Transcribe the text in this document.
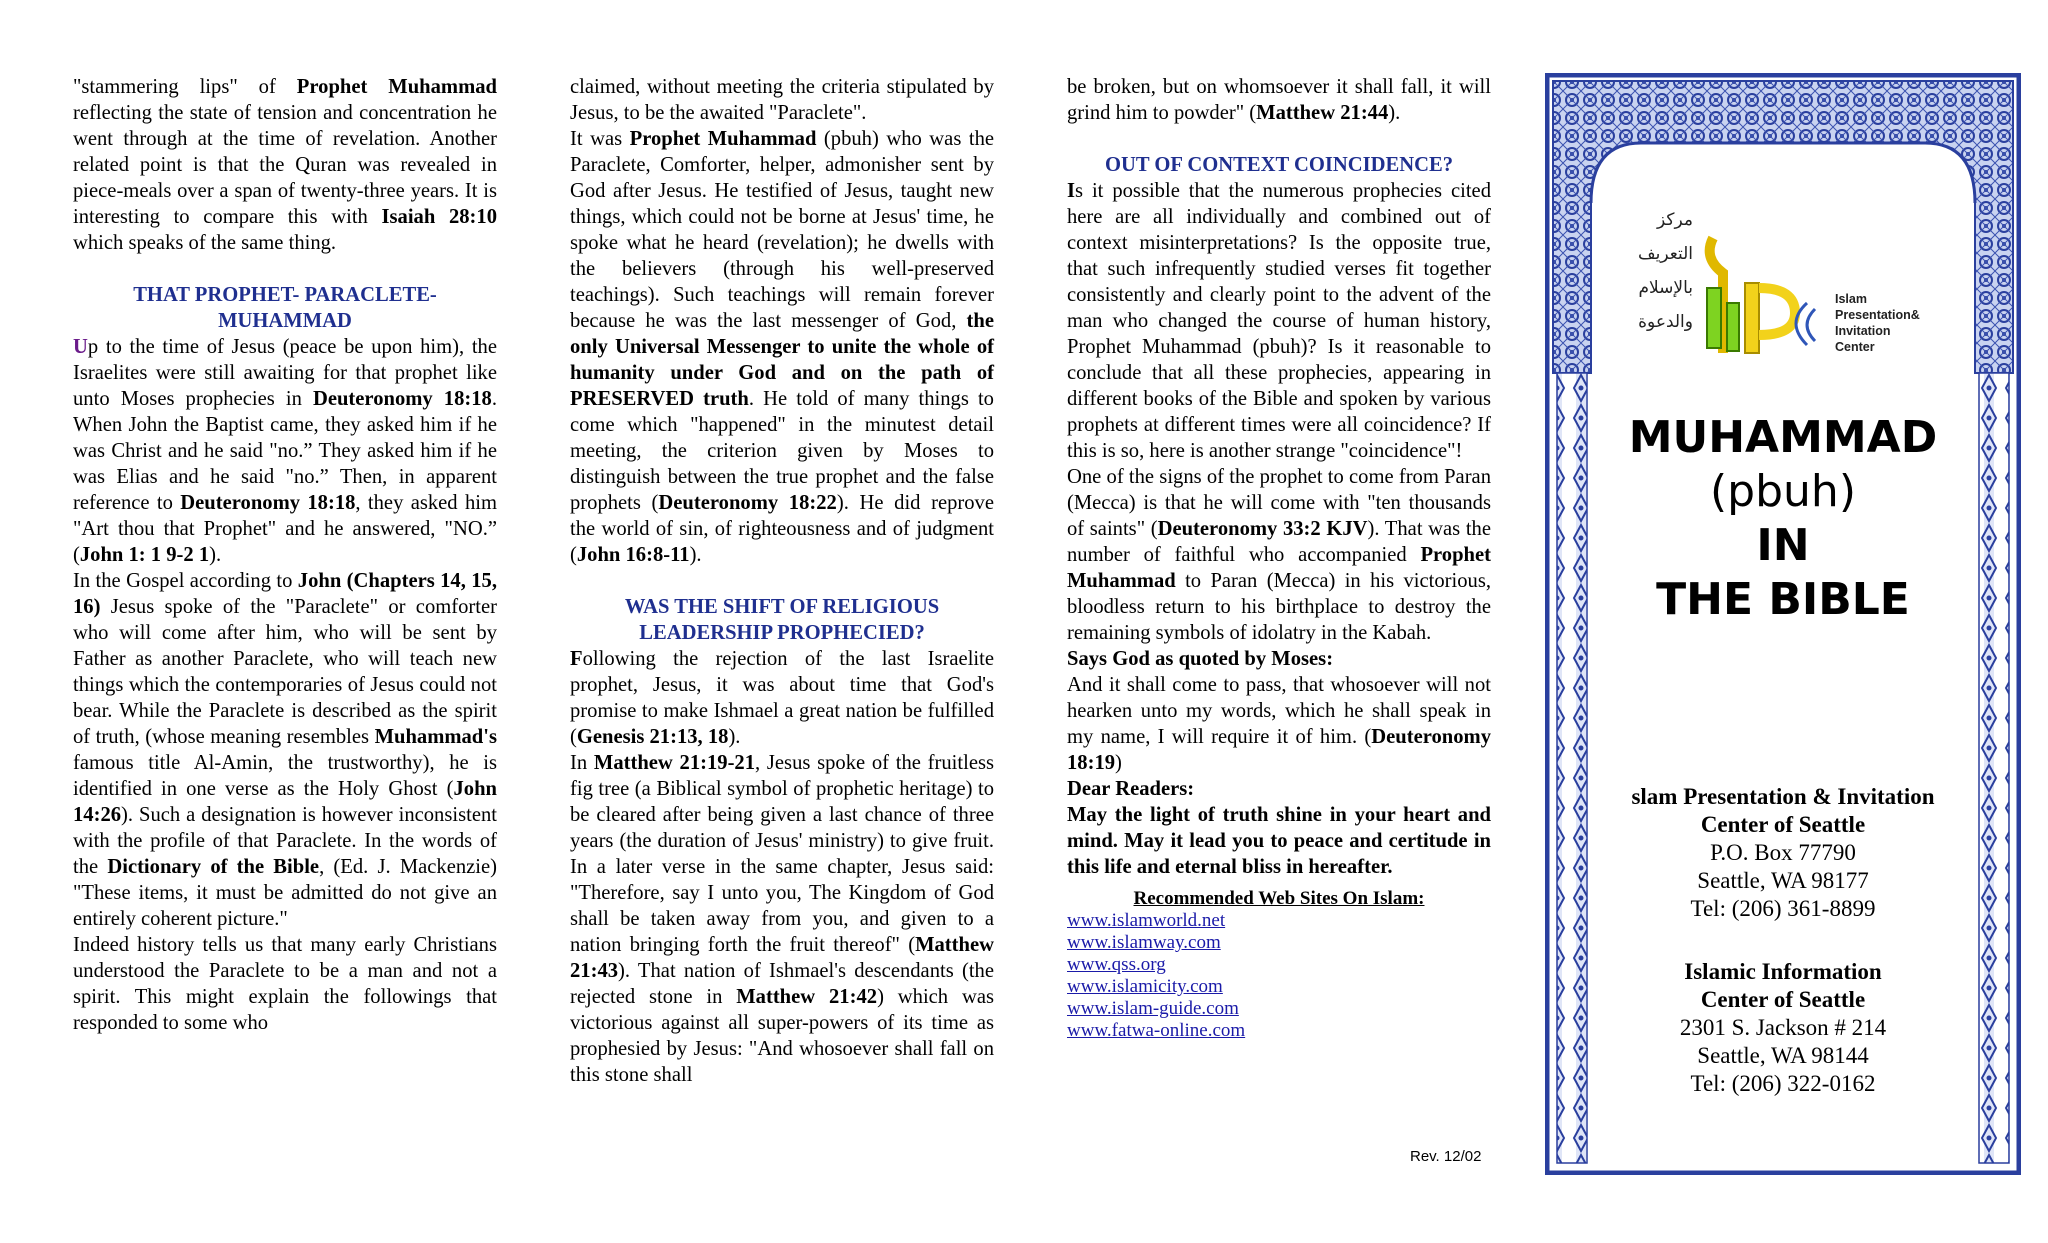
"stammering lips" of Prophet Muhammad reflecting the state of tension and concentration he went through at the time of revelation. Another related point is that the Quran was revealed in piece-meals over a span of twenty-three years. It is interesting to compare this with Isaiah 28:10 which speaks of the same thing.

THAT PROPHET- PARACLETE-
MUHAMMAD

Up to the time of Jesus (peace be upon him), the Israelites were still awaiting for that prophet like unto Moses prophecies in Deuteronomy 18:18. When John the Baptist came, they asked him if he was Christ and he said "no.” They asked him if he was Elias and he said "no.” Then, in apparent reference to Deuteronomy 18:18, they asked him "Art thou that Prophet" and he answered, "NO.” (John 1: 1 9-2 1).

In the Gospel according to John (Chapters 14, 15, 16) Jesus spoke of the "Paraclete" or comforter who will come after him, who will be sent by Father as another Paraclete, who will teach new things which the contemporaries of Jesus could not bear. While the Paraclete is described as the spirit of truth, (whose meaning resembles Muhammad's famous title Al-Amin, the trustworthy), he is identified in one verse as the Holy Ghost (John 14:26). Such a designation is however inconsistent with the profile of that Paraclete. In the words of the Dictionary of the Bible, (Ed. J. Mackenzie) "These items, it must be admitted do not give an entirely coherent picture."

Indeed history tells us that many early Christians understood the Paraclete to be a man and not a spirit. This might explain the followings that responded to some who

claimed, without meeting the criteria stipulated by Jesus, to be the awaited "Paraclete".

It was Prophet Muhammad (pbuh) who was the Paraclete, Comforter, helper, admonisher sent by God after Jesus. He testified of Jesus, taught new things, which could not be borne at Jesus' time, he spoke what he heard (revelation); he dwells with the believers (through his well-preserved teachings). Such teachings will remain forever because he was the last messenger of God, the only Universal Messenger to unite the whole of humanity under God and on the path of PRESERVED truth. He told of many things to come which "happened" in the minutest detail meeting, the criterion given by Moses to distinguish between the true prophet and the false prophets (Deuteronomy 18:22). He did reprove the world of sin, of righteousness and of judgment (John 16:8-11).

WAS THE SHIFT OF RELIGIOUS
LEADERSHIP PROPHECIED?

Following the rejection of the last Israelite prophet, Jesus, it was about time that God's promise to make Ishmael a great nation be fulfilled (Genesis 21:13, 18).

In Matthew 21:19-21, Jesus spoke of the fruitless fig tree (a Biblical symbol of prophetic heritage) to be cleared after being given a last chance of three years (the duration of Jesus' ministry) to give fruit. In a later verse in the same chapter, Jesus said: "Therefore, say I unto you, The Kingdom of God shall be taken away from you, and given to a nation bringing forth the fruit thereof" (Matthew 21:43). That nation of Ishmael's descendants (the rejected stone in Matthew 21:42) which was victorious against all super-powers of its time as prophesied by Jesus: "And whosoever shall fall on this stone shall

be broken, but on whomsoever it shall fall, it will grind him to powder" (Matthew 21:44).

OUT OF CONTEXT COINCIDENCE?

Is it possible that the numerous prophecies cited here are all individually and combined out of context misinterpretations? Is the opposite true, that such infrequently studied verses fit together consistently and clearly point to the advent of the man who changed the course of human history, Prophet Muhammad (pbuh)? Is it reasonable to conclude that all these prophecies, appearing in different books of the Bible and spoken by various prophets at different times were all coincidence? If this is so, here is another strange "coincidence"!

One of the signs of the prophet to come from Paran (Mecca) is that he will come with "ten thousands of saints" (Deuteronomy 33:2 KJV). That was the number of faithful who accompanied Prophet Muhammad to Paran (Mecca) in his victorious, bloodless return to his birthplace to destroy the remaining symbols of idolatry in the Kabah.

Says God as quoted by Moses:

And it shall come to pass, that whosoever will not hearken unto my words, which he shall speak in my name, I will require it of him. (Deuteronomy 18:19)

Dear Readers:

May the light of truth shine in your heart and mind. May it lead you to peace and certitude in this life and eternal bliss in hereafter.

Recommended Web Sites On Islam:
www.islamworld.net
www.islamway.com
www.qss.org
www.islamicity.com
www.islam-guide.com
www.fatwa-online.com
Rev. 12/02
مركز
التعريف
بالإسلام
والدعوة
Islam
Presentation&
Invitation
Center
MUHAMMAD
(pbuh)
IN
THE BIBLE
slam Presentation & Invitation
Center of Seattle
P.O. Box 77790
Seattle, WA 98177
Tel: (206) 361-8899
Islamic Information
Center of Seattle
2301 S. Jackson # 214
Seattle, WA 98144
Tel: (206) 322-0162
